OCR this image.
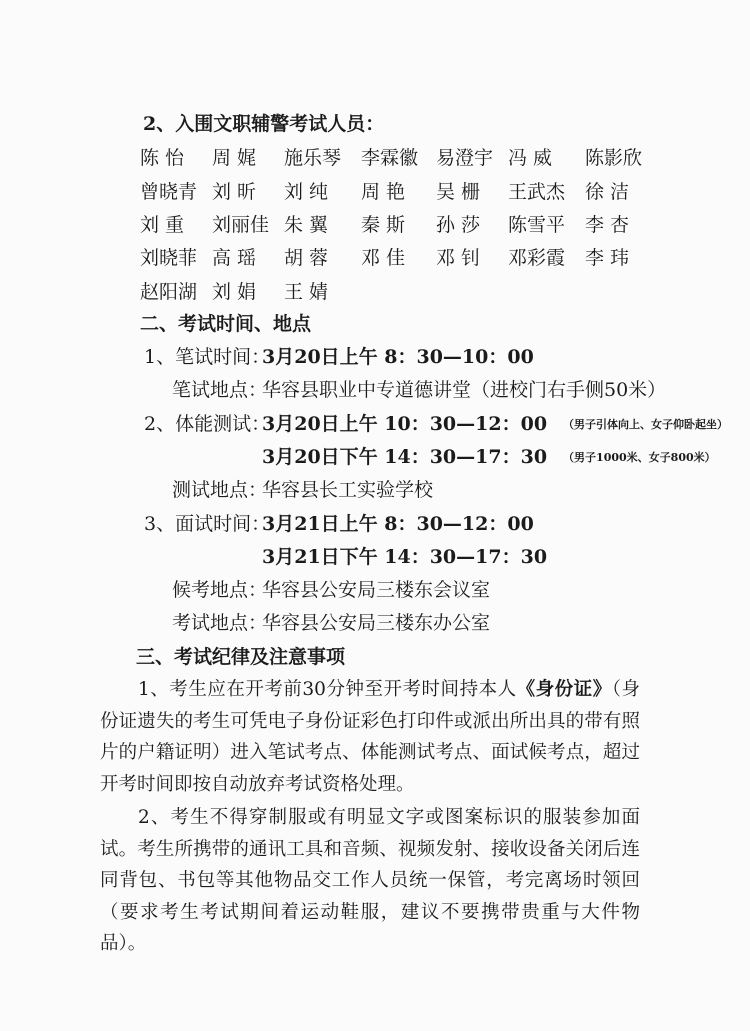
2、入围文职辅警考试人员：
陈 怡 周 娓 施乐琴 李霖徽 易澄宇 冯 威 陈影欣
曾晓青 刘 昕 刘 纯 周 艳 吴 栅 王武杰 徐 洁
刘 重 刘丽佳 朱 翼 秦 斯 孙 莎 陈雪平 李 杏
刘晓菲 高 瑶 胡 蓉 邓 佳 邓 钊 邓彩霞 李 玮
赵阳湖 刘 娟 王 婧
二、考试时间、地点
1、笔试时间：
3月20日上午 8：30—10：00
笔试地点：
华容县职业中专道德讲堂（进校门右手侧50米）
2、体能测试：
3月20日上午 10：30—12：00 （男子引体向上、女子仰卧起坐）
3月20日下午 14：30—17：30 （男子1000米、女子800米）
测试地点：
华容县长工实验学校
3、面试时间：
3月21日上午 8：30—12：00
3月21日下午 14：30—17：30
候考地点：
华容县公安局三楼东会议室
考试地点：
华容县公安局三楼东办公室
三、考试纪律及注意事项
1、考生应在开考前30分钟至开考时间持本人《身份证》（身份证遗失的考生可凭电子身份证彩色打印件或派出所出具的带有照片的户籍证明）进入笔试考点、体能测试考点、面试候考点，超过开考时间即按自动放弃考试资格处理。
2、考生不得穿制服或有明显文字或图案标识的服装参加面试。考生所携带的通讯工具和音频、视频发射、接收设备关闭后连同背包、书包等其他物品交工作人员统一保管，考完离场时领回（要求考生考试期间着运动鞋服，建议不要携带贵重与大件物品）。
